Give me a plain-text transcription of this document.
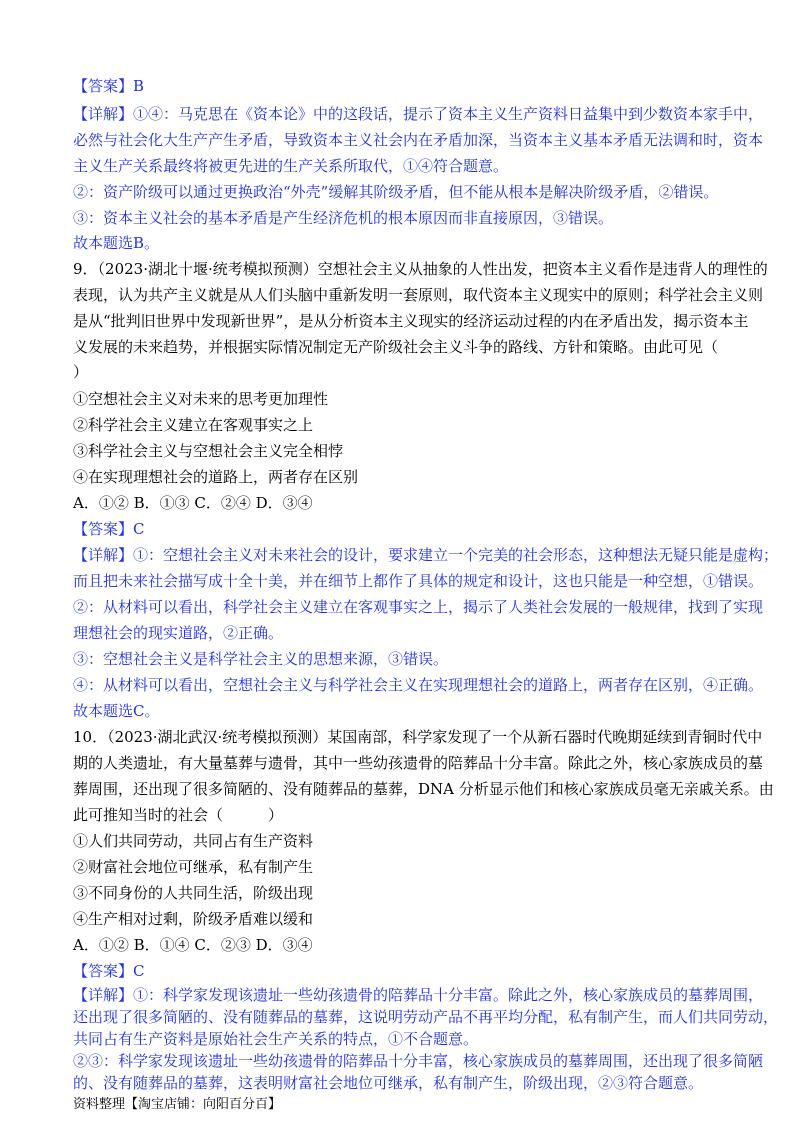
【答案】B
【详解】①④：马克思在《资本论》中的这段话，提示了资本主义生产资料日益集中到少数资本家手中，
必然与社会化大生产产生矛盾，导致资本主义社会内在矛盾加深，当资本主义基本矛盾无法调和时，资本
主义生产关系最终将被更先进的生产关系所取代，①④符合题意。
②：资产阶级可以通过更换政治“外壳”缓解其阶级矛盾，但不能从根本是解决阶级矛盾，②错误。
③：资本主义社会的基本矛盾是产生经济危机的根本原因而非直接原因，③错误。
故本题选B。
9．（2023·湖北十堰·统考模拟预测）空想社会主义从抽象的人性出发，把资本主义看作是违背人的理性的
表现，认为共产主义就是从人们头脑中重新发明一套原则，取代资本主义现实中的原则；科学社会主义则
是从“批判旧世界中发现新世界”，是从分析资本主义现实的经济运动过程的内在矛盾出发，揭示资本主
义发展的未来趋势，并根据实际情况制定无产阶级社会主义斗争的路线、方针和策略。由此可见（
）
①空想社会主义对未来的思考更加理性
②科学社会主义建立在客观事实之上
③科学社会主义与空想社会主义完全相悖
④在实现理想社会的道路上，两者存在区别
A．①② B．①③ C．②④ D．③④
【答案】C
【详解】①：空想社会主义对未来社会的设计，要求建立一个完美的社会形态，这种想法无疑只能是虚构；
而且把未来社会描写成十全十美，并在细节上都作了具体的规定和设计，这也只能是一种空想，①错误。
②：从材料可以看出，科学社会主义建立在客观事实之上，揭示了人类社会发展的一般规律，找到了实现
理想社会的现实道路，②正确。
③：空想社会主义是科学社会主义的思想来源，③错误。
④：从材料可以看出，空想社会主义与科学社会主义在实现理想社会的道路上，两者存在区别，④正确。
故本题选C。
10．（2023·湖北武汉·统考模拟预测）某国南部，科学家发现了一个从新石器时代晚期延续到青铜时代中
期的人类遗址，有大量墓葬与遗骨，其中一些幼孩遗骨的陪葬品十分丰富。除此之外，核心家族成员的墓
葬周围，还出现了很多简陋的、没有随葬品的墓葬，DNA 分析显示他们和核心家族成员毫无亲戚关系。由
此可推知当时的社会（　　　）
①人们共同劳动，共同占有生产资料
②财富社会地位可继承，私有制产生
③不同身份的人共同生活，阶级出现
④生产相对过剩，阶级矛盾难以缓和
A．①② B．①④ C．②③ D．③④
【答案】C
【详解】①：科学家发现该遗址一些幼孩遗骨的陪葬品十分丰富。除此之外，核心家族成员的墓葬周围，
还出现了很多简陋的、没有随葬品的墓葬，这说明劳动产品不再平均分配，私有制产生，而人们共同劳动，
共同占有生产资料是原始社会生产关系的特点，①不合题意。
②③：科学家发现该遗址一些幼孩遗骨的陪葬品十分丰富，核心家族成员的墓葬周围，还出现了很多简陋
资料整理【淘宝店铺：向阳百分百】
的、没有随葬品的墓葬，这表明财富社会地位可继承，私有制产生，阶级出现，②③符合题意。
